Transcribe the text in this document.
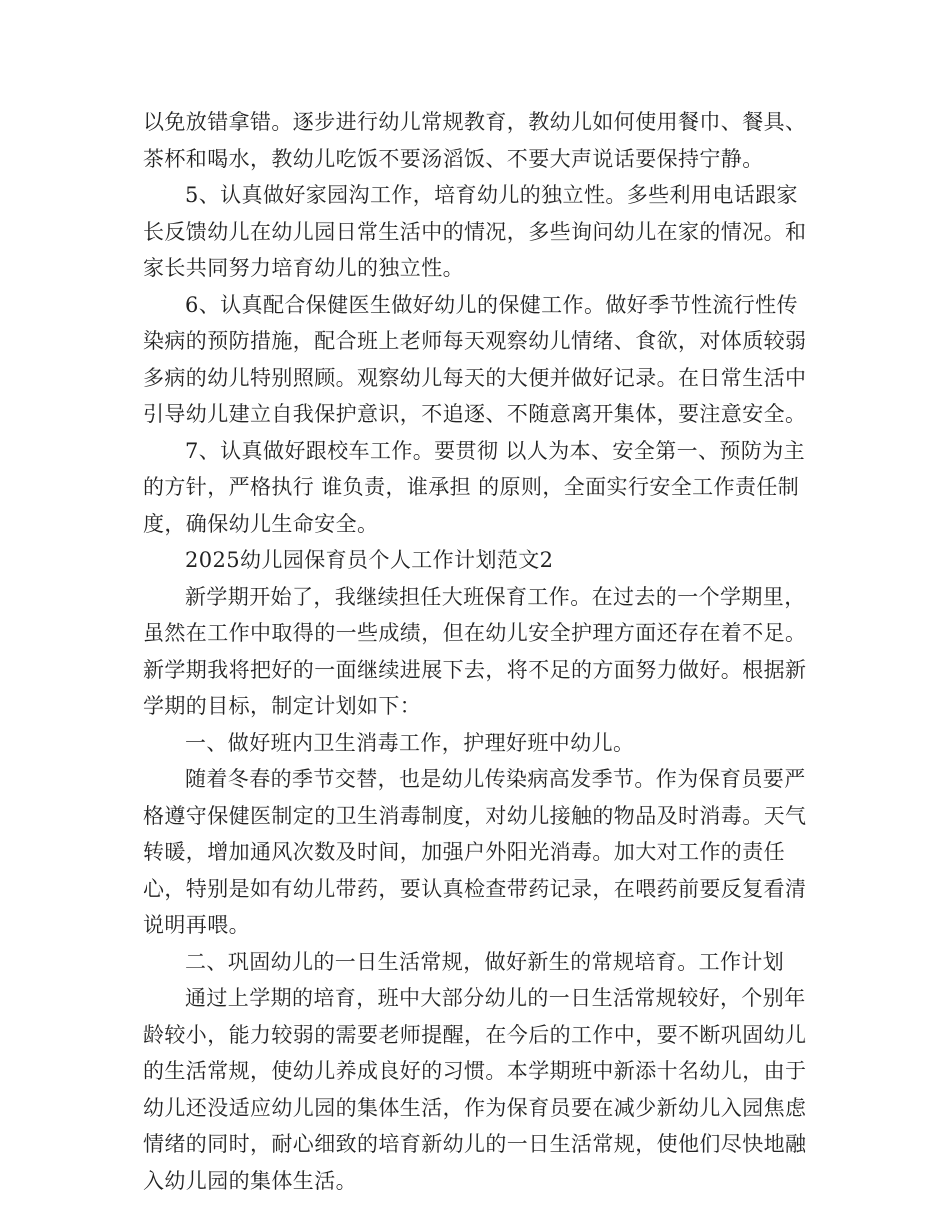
以免放错拿错。逐步进行幼儿常规教育，教幼儿如何使用餐巾、餐具、茶杯和喝水，教幼儿吃饭不要汤滔饭、不要大声说话要保持宁静。

5、认真做好家园沟工作，培育幼儿的独立性。多些利用电话跟家长反馈幼儿在幼儿园日常生活中的情况，多些询问幼儿在家的情况。和家长共同努力培育幼儿的独立性。

6、认真配合保健医生做好幼儿的保健工作。做好季节性流行性传染病的预防措施，配合班上老师每天观察幼儿情绪、食欲，对体质较弱多病的幼儿特别照顾。观察幼儿每天的大便并做好记录。在日常生活中引导幼儿建立自我保护意识，不追逐、不随意离开集体，要注意安全。

7、认真做好跟校车工作。要贯彻 以人为本、安全第一、预防为主 的方针，严格执行 谁负责，谁承担 的原则，全面实行安全工作责任制度，确保幼儿生命安全。

2025幼儿园保育员个人工作计划范文2

新学期开始了，我继续担任大班保育工作。在过去的一个学期里，虽然在工作中取得的一些成绩，但在幼儿安全护理方面还存在着不足。新学期我将把好的一面继续进展下去，将不足的方面努力做好。根据新学期的目标，制定计划如下：

一、做好班内卫生消毒工作，护理好班中幼儿。

随着冬春的季节交替，也是幼儿传染病高发季节。作为保育员要严格遵守保健医制定的卫生消毒制度，对幼儿接触的物品及时消毒。天气转暖，增加通风次数及时间，加强户外阳光消毒。加大对工作的责任心，特别是如有幼儿带药，要认真检查带药记录，在喂药前要反复看清说明再喂。

二、巩固幼儿的一日生活常规，做好新生的常规培育。工作计划

通过上学期的培育，班中大部分幼儿的一日生活常规较好，个别年龄较小，能力较弱的需要老师提醒，在今后的工作中，要不断巩固幼儿的生活常规，使幼儿养成良好的习惯。本学期班中新添十名幼儿，由于幼儿还没适应幼儿园的集体生活，作为保育员要在减少新幼儿入园焦虑情绪的同时，耐心细致的培育新幼儿的一日生活常规，使他们尽快地融入幼儿园的集体生活。
